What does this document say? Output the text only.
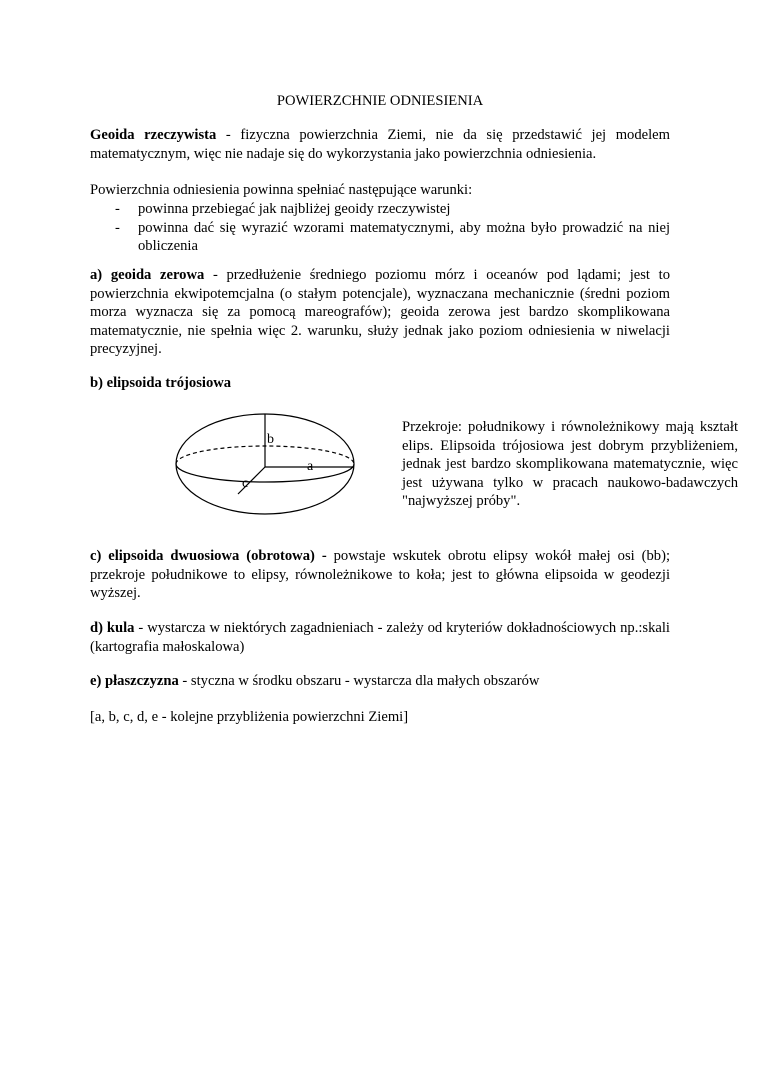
POWIERZCHNIE ODNIESIENIA
Geoida rzeczywista - fizyczna powierzchnia Ziemi, nie da się przedstawić jej modelem matematycznym, więc nie nadaje się do wykorzystania jako powierzchnia odniesienia.
Powierzchnia odniesienia powinna spełniać następujące warunki:
-	powinna przebiegać jak najbliżej geoidy rzeczywistej
-	powinna dać się wyrazić wzorami matematycznymi, aby można było prowadzić na niej obliczenia
a) geoida zerowa - przedłużenie średniego poziomu mórz i oceanów pod lądami; jest to powierzchnia ekwipotemcjalna (o stałym potencjale), wyznaczana mechanicznie (średni poziom morza wyznacza się za pomocą mareografów); geoida zerowa jest bardzo skomplikowana matematycznie, nie spełnia więc 2. warunku, służy jednak jako poziom odniesienia w niwelacji precyzyjnej.
b) elipsoida trójosiowa
b
a
c
Przekroje: południkowy i równoleżnikowy mają kształt elips. Elipsoida trójosiowa jest dobrym przybliżeniem, jednak jest bardzo skomplikowana matematycznie, więc jest używana tylko w pracach naukowo-badawczych "najwyższej próby".
c) elipsoida dwuosiowa (obrotowa) - powstaje wskutek obrotu elipsy wokół małej osi (bb); przekroje południkowe to elipsy, równoleżnikowe to koła; jest to główna elipsoida w geodezji wyższej.
d) kula - wystarcza w niektórych zagadnieniach - zależy od kryteriów dokładnościowych np.:skali (kartografia małoskalowa)
e) płaszczyzna - styczna w środku obszaru - wystarcza dla małych obszarów
[a, b, c, d, e - kolejne przybliżenia powierzchni Ziemi]
